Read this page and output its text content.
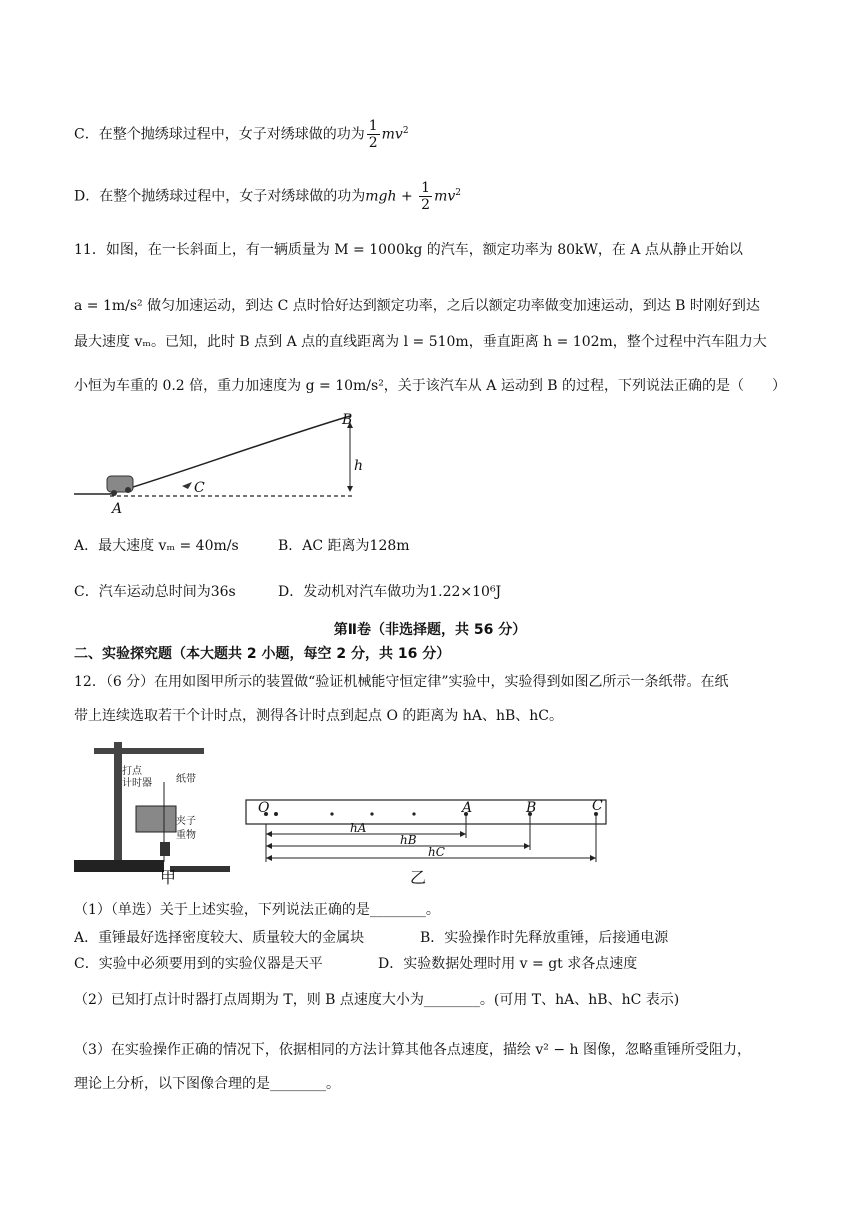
C．在整个抛绣球过程中，女子对绣球做的功为 $\frac{1}{2} mv^2$
D．在整个抛绣球过程中，女子对绣球做的功为mgh + $\frac{1}{2} mv^2$
11．如图，在一长斜面上，有一辆质量为 M = 1000kg 的汽车，额定功率为 80kW，在 A 点从静止开始以
a = 1m/s² 做匀加速运动，到达 C 点时恰好达到额定功率，之后以额定功率做变加速运动，到达 B 时刚好到达
最大速度 vₘ。已知，此时 B 点到 A 点的直线距离为 l = 510m，垂直距离 h = 102m，整个过程中汽车阻力大
小恒为车重的 0.2 倍，重力加速度为 g = 10m/s²，关于该汽车从 A 运动到 B 的过程，下列说法正确的是（　　）
A
C
B
h
A．最大速度 vₘ = 40m/s	B．AC 距离为128m
C．汽车运动总时间为36s	D．发动机对汽车做功为1.22×10⁶J
第Ⅱ卷（非选择题，共 56 分）
二、实验探究题（本大题共 2 小题，每空 2 分，共 16 分）
12．（6 分）在用如图甲所示的装置做“验证机械能守恒定律”实验中，实验得到如图乙所示一条纸带。在纸
带上连续选取若干个计时点，测得各计时点到起点 O 的距离为 hA、hB、hC。
打点
计时器 纸带
夹子
重物
甲
O	A	B	C
hA
hB
hC
乙
（1）（单选）关于上述实验，下列说法正确的是________。
A．重锤最好选择密度较大、质量较大的金属块	B．实验操作时先释放重锤，后接通电源
C．实验中必须要用到的实验仪器是天平	D．实验数据处理时用 v = gt 求各点速度
（2）已知打点计时器打点周期为 T，则 B 点速度大小为________。(可用 T、hA、hB、hC 表示)
（3）在实验操作正确的情况下，依据相同的方法计算其他各点速度，描绘 v² − h 图像，忽略重锤所受阻力，
理论上分析，以下图像合理的是________。
